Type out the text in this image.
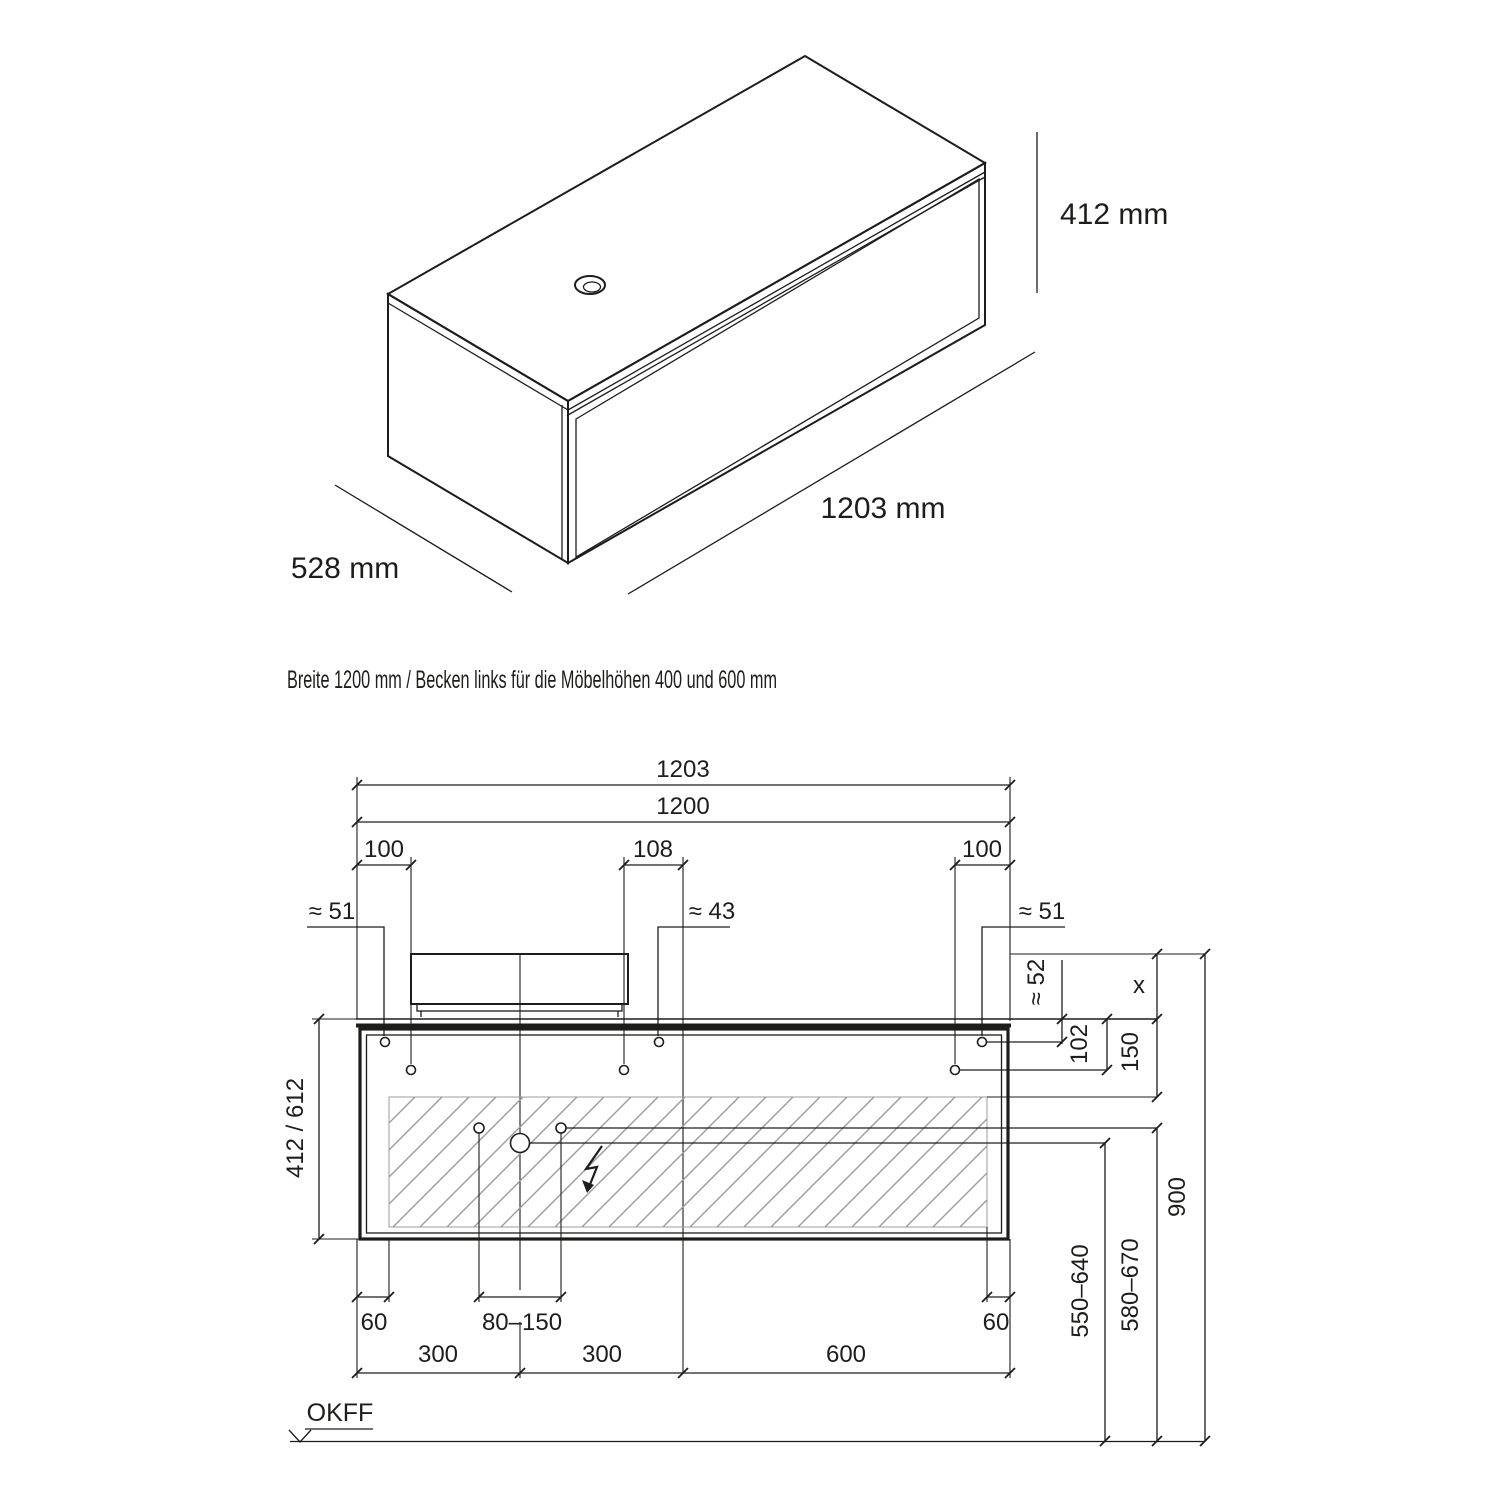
412 mm
1203 mm
528 mm
Breite 1200 mm / Becken links für die Möbelhöhen 400 und 600 mm
1203
1200
100	108	100
≈ 51	≈ 43	≈ 51
412 / 612
≈ 52
102
x
150
900
550–640 580–670
60	80–150	60
300	300	600
OKFF
